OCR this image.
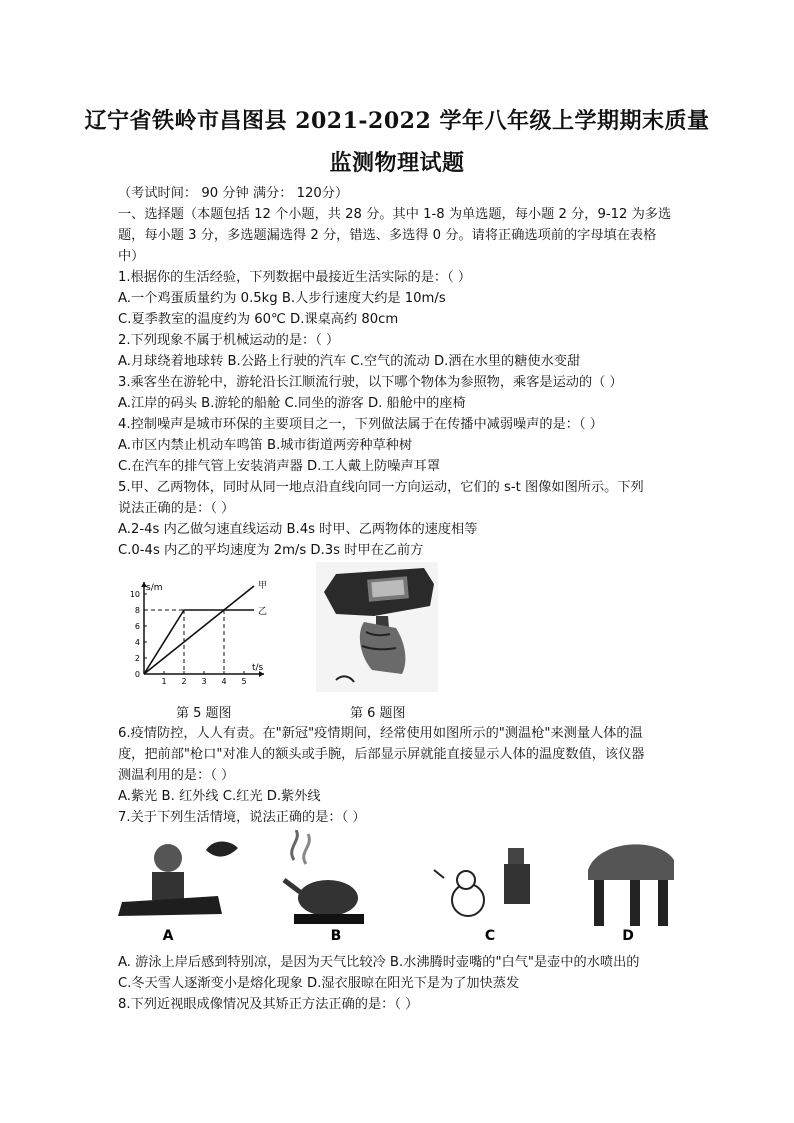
辽宁省铁岭市昌图县 2021-2022 学年八年级上学期期末质量
监测物理试题
（考试时间： 90 分钟 满分： 120分）
一、选择题（本题包括 12 个小题，共 28 分。其中 1-8 为单选题，每小题 2 分，9-12 为多选
题，每小题 3 分，多选题漏选得 2 分，错选、多选得 0 分。请将正确选项前的字母填在表格
中）
1.根据你的生活经验，下列数据中最接近生活实际的是：（ ）
A.一个鸡蛋质量约为 0.5kg B.人步行速度大约是 10m/s
C.夏季教室的温度约为 60℃ D.课桌高约 80cm
2.下列现象不属于机械运动的是：（ ）
A.月球绕着地球转 B.公路上行驶的汽车 C.空气的流动 D.洒在水里的糖使水变甜
3.乘客坐在游轮中，游轮沿长江顺流行驶，以下哪个物体为参照物，乘客是运动的（ ）
A.江岸的码头 B.游轮的船舱 C.同坐的游客 D. 船舱中的座椅
4.控制噪声是城市环保的主要项目之一，下列做法属于在传播中减弱噪声的是：（ ）
A.市区内禁止机动车鸣笛 B.城市街道两旁种草种树
C.在汽车的排气管上安装消声器 D.工人戴上防噪声耳罩
5.甲、乙两物体，同时从同一地点沿直线向同一方向运动，它们的 s-t 图像如图所示。下列
说法正确的是：（ ）
A.2-4s 内乙做匀速直线运动 B.4s 时甲、乙两物体的速度相等
C.0-4s 内乙的平均速度为 2m/s D.3s 时甲在乙前方
s/m
t/s
1 2 3 4 5
0
2
4
6
8
10
甲
乙
第 5 题图	第 6 题图
6.疫情防控，人人有责。在"新冠"疫情期间，经常使用如图所示的"测温枪"来测量人体的温
度，把前部"枪口"对准人的额头或手腕，后部显示屏就能直接显示人体的温度数值，该仪器
测温利用的是：（ ）
A.紫光 B. 红外线 C.红光 D.紫外线
7.关于下列生活情境，说法正确的是：（ ）
A	B	C	D
A. 游泳上岸后感到特别凉，是因为天气比较冷 B.水沸腾时壶嘴的"白气"是壶中的水喷出的
C.冬天雪人逐渐变小是熔化现象 D.湿衣服晾在阳光下是为了加快蒸发
8.下列近视眼成像情况及其矫正方法正确的是：（ ）
